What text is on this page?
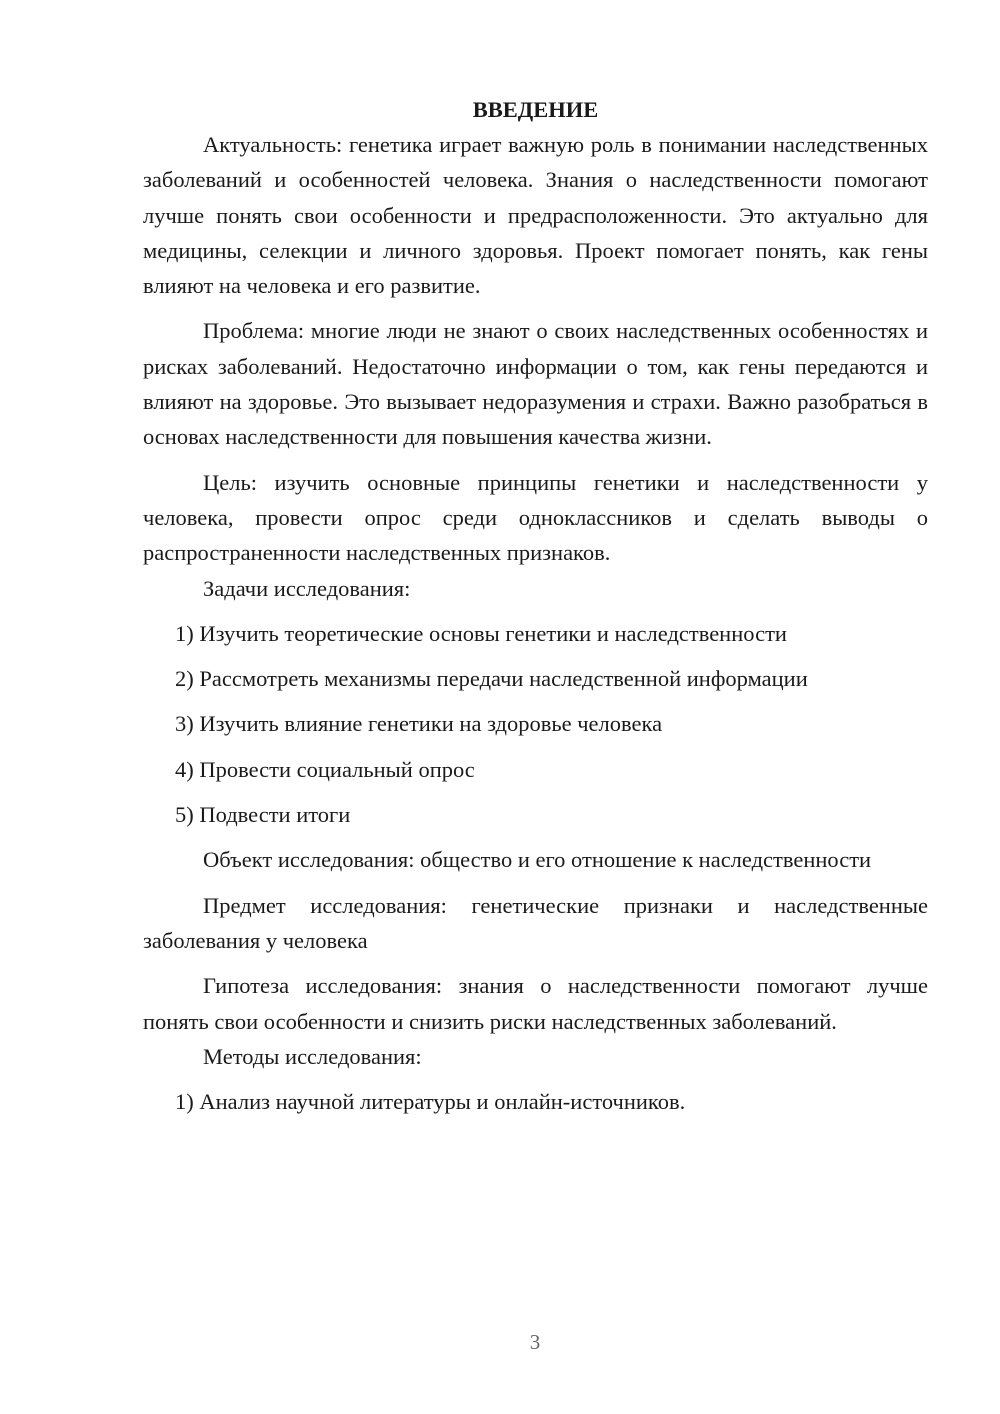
ВВЕДЕНИЕ

Актуальность: генетика играет важную роль в понимании наследственных заболеваний и особенностей человека. Знания о наследственности помогают лучше понять свои особенности и предрасположенности. Это актуально для медицины, селекции и личного здоровья. Проект помогает понять, как гены влияют на человека и его развитие.

Проблема: многие люди не знают о своих наследственных особенностях и рисках заболеваний. Недостаточно информации о том, как гены передаются и влияют на здоровье. Это вызывает недоразумения и страхи. Важно разобраться в основах наследственности для повышения качества жизни.

Цель: изучить основные принципы генетики и наследственности у человека, провести опрос среди одноклассников и сделать выводы о распространенности наследственных признаков.

Задачи исследования:

1) Изучить теоретические основы генетики и наследственности

2) Рассмотреть механизмы передачи наследственной информации

3) Изучить влияние генетики на здоровье человека

4) Провести социальный опрос

5) Подвести итоги

Объект исследования: общество и его отношение к наследственности

Предмет исследования: генетические признаки и наследственные заболевания у человека

Гипотеза исследования: знания о наследственности помогают лучше понять свои особенности и снизить риски наследственных заболеваний.

Методы исследования:

1) Анализ научной литературы и онлайн-источников.

3
